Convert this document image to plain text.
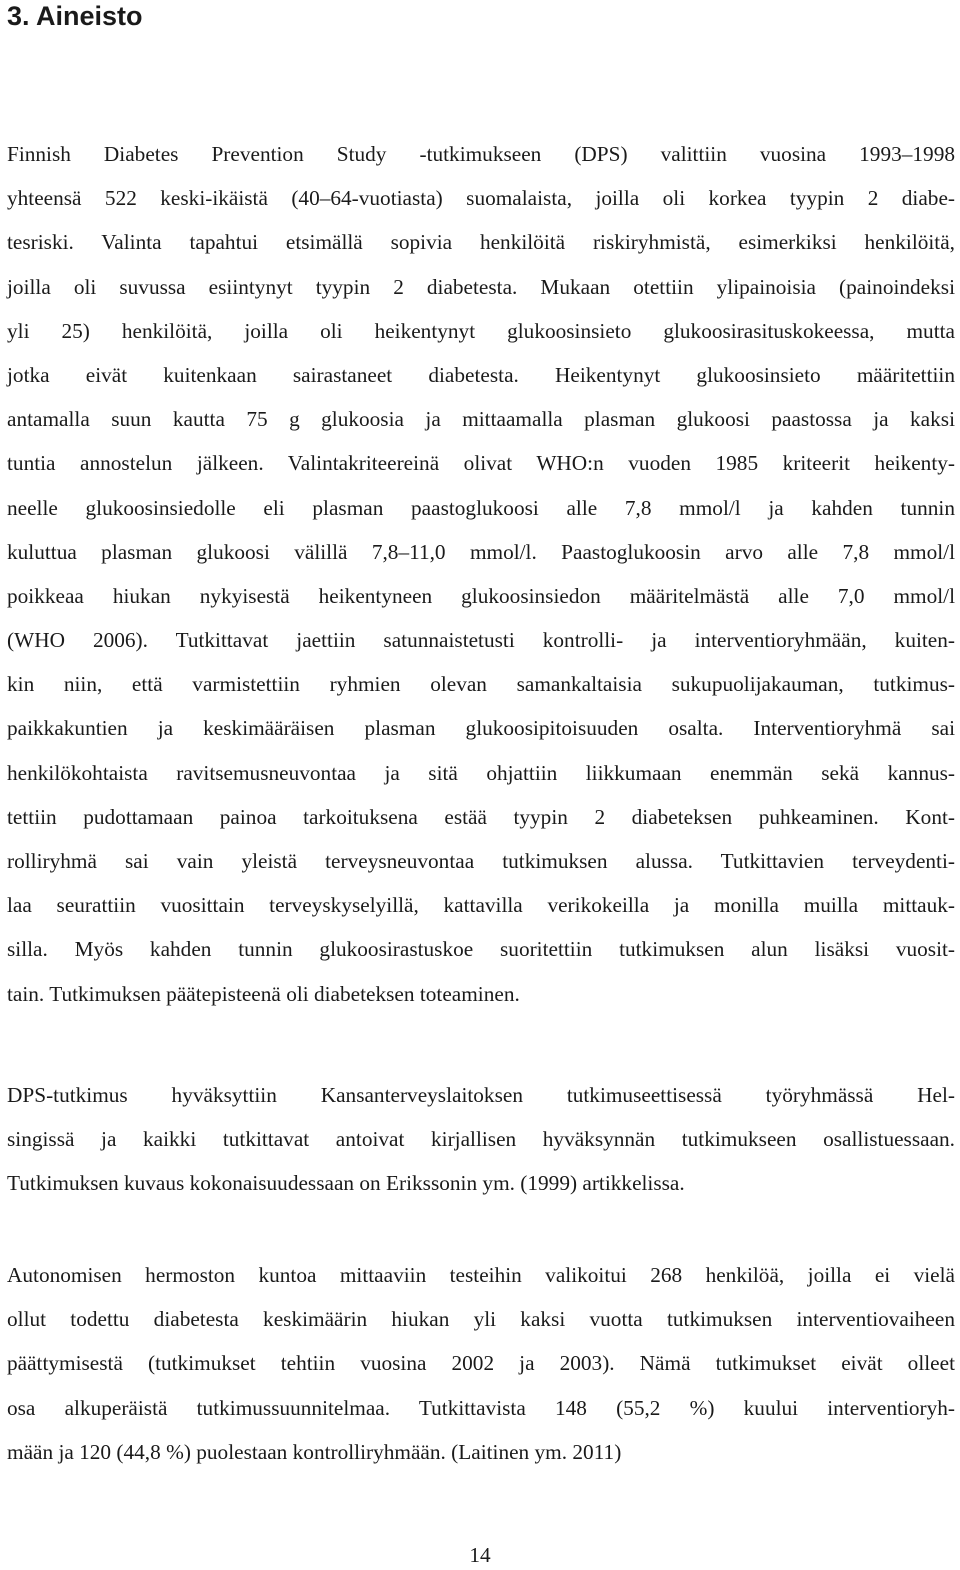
3. Aineisto
Finnish Diabetes Prevention Study -tutkimukseen (DPS) valittiin vuosina 1993–1998
yhteensä 522 keski-ikäistä (40–64-vuotiasta) suomalaista, joilla oli korkea tyypin 2 diabe-
tesriski. Valinta tapahtui etsimällä sopivia henkilöitä riskiryhmistä, esimerkiksi henkilöitä,
joilla oli suvussa esiintynyt tyypin 2 diabetesta. Mukaan otettiin ylipainoisia (painoindeksi
yli 25) henkilöitä, joilla oli heikentynyt glukoosinsieto glukoosirasituskokeessa, mutta
jotka eivät kuitenkaan sairastaneet diabetesta. Heikentynyt glukoosinsieto määritettiin
antamalla suun kautta 75 g glukoosia ja mittaamalla plasman glukoosi paastossa ja kaksi
tuntia annostelun jälkeen. Valintakriteereinä olivat WHO:n vuoden 1985 kriteerit heikenty-
neelle glukoosinsiedolle eli plasman paastoglukoosi alle 7,8 mmol/l ja kahden tunnin
kuluttua plasman glukoosi välillä 7,8–11,0 mmol/l. Paastoglukoosin arvo alle 7,8 mmol/l
poikkeaa hiukan nykyisestä heikentyneen glukoosinsiedon määritelmästä alle 7,0 mmol/l
(WHO 2006). Tutkittavat jaettiin satunnaistetusti kontrolli- ja interventioryhmään, kuiten-
kin niin, että varmistettiin ryhmien olevan samankaltaisia sukupuolijakauman, tutkimus-
paikkakuntien ja keskimääräisen plasman glukoosipitoisuuden osalta. Interventioryhmä sai
henkilökohtaista ravitsemusneuvontaa ja sitä ohjattiin liikkumaan enemmän sekä kannus-
tettiin pudottamaan painoa tarkoituksena estää tyypin 2 diabeteksen puhkeaminen. Kont-
rolliryhmä sai vain yleistä terveysneuvontaa tutkimuksen alussa. Tutkittavien terveydenti-
laa seurattiin vuosittain terveyskyselyillä, kattavilla verikokeilla ja monilla muilla mittauk-
silla. Myös kahden tunnin glukoosirastuskoe suoritettiin tutkimuksen alun lisäksi vuosit-
tain. Tutkimuksen päätepisteenä oli diabeteksen toteaminen.
DPS-tutkimus hyväksyttiin Kansanterveyslaitoksen tutkimuseettisessä työryhmässä Hel-
singissä ja kaikki tutkittavat antoivat kirjallisen hyväksynnän tutkimukseen osallistuessaan.
Tutkimuksen kuvaus kokonaisuudessaan on Erikssonin ym. (1999) artikkelissa.
Autonomisen hermoston kuntoa mittaaviin testeihin valikoitui 268 henkilöä, joilla ei vielä
ollut todettu diabetesta keskimäärin hiukan yli kaksi vuotta tutkimuksen interventiovaiheen
päättymisestä (tutkimukset tehtiin vuosina 2002 ja 2003). Nämä tutkimukset eivät olleet
osa alkuperäistä tutkimussuunnitelmaa. Tutkittavista 148 (55,2 %) kuului interventioryh-
mään ja 120 (44,8 %) puolestaan kontrolliryhmään. (Laitinen ym. 2011)

14
